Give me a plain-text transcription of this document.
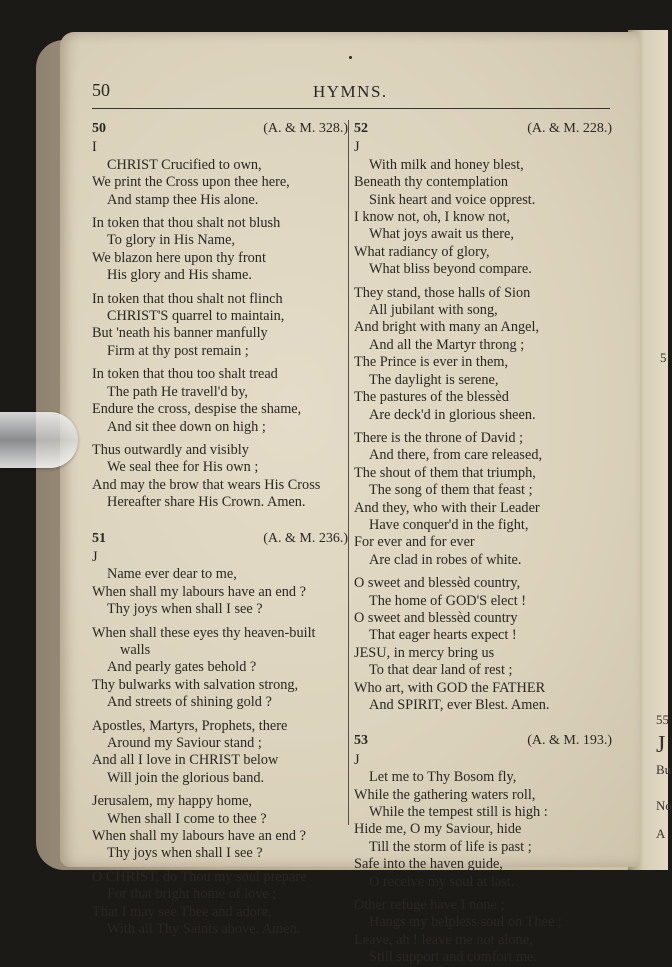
5
55
J
Bu
No
A
50	HYMNS.
50	(A. & M. 328.)
I
CHRIST Crucified to own,
We print the Cross upon thee here,
And stamp thee His alone.
In token that thou shalt not blush
To glory in His Name,
We blazon here upon thy front
His glory and His shame.
In token that thou shalt not flinch
CHRIST'S quarrel to maintain,
But 'neath his banner manfully
Firm at thy post remain ;
In token that thou too shalt tread
The path He travell'd by,
Endure the cross, despise the shame,
And sit thee down on high ;
Thus outwardly and visibly
We seal thee for His own ;
And may the brow that wears His Cross
Hereafter share His Crown. Amen.
51	(A. & M. 236.)
J
Name ever dear to me,
When shall my labours have an end ?
Thy joys when shall I see ?
When shall these eyes thy heaven-built
walls
And pearly gates behold ?
Thy bulwarks with salvation strong,
And streets of shining gold ?
Apostles, Martyrs, Prophets, there
Around my Saviour stand ;
And all I love in CHRIST below
Will join the glorious band.
Jerusalem, my happy home,
When shall I come to thee ?
When shall my labours have an end ?
Thy joys when shall I see ?
O CHRIST, do Thou my soul prepare
For that bright home of love ;
That I may see Thee and adore,
With all Thy Saints above. Amen.
52	(A. & M. 228.)
J
With milk and honey blest,
Beneath thy contemplation
Sink heart and voice opprest.
I know not, oh, I know not,
What joys await us there,
What radiancy of glory,
What bliss beyond compare.
They stand, those halls of Sion
All jubilant with song,
And bright with many an Angel,
And all the Martyr throng ;
The Prince is ever in them,
The daylight is serene,
The pastures of the blessèd
Are deck'd in glorious sheen.
There is the throne of David ;
And there, from care released,
The shout of them that triumph,
The song of them that feast ;
And they, who with their Leader
Have conquer'd in the fight,
For ever and for ever
Are clad in robes of white.
O sweet and blessèd country,
The home of GOD'S elect !
O sweet and blessèd country
That eager hearts expect !
JESU, in mercy bring us
To that dear land of rest ;
Who art, with GOD the FATHER
And SPIRIT, ever Blest. Amen.
53	(A. & M. 193.)
J
Let me to Thy Bosom fly,
While the gathering waters roll,
While the tempest still is high :
Hide me, O my Saviour, hide
Till the storm of life is past ;
Safe into the haven guide,
O receive my soul at last.
Other refuge have I none ;
Hangs my helpless soul on Thee ;
Leave, ah ! leave me not alone,
Still support and comfort me.
